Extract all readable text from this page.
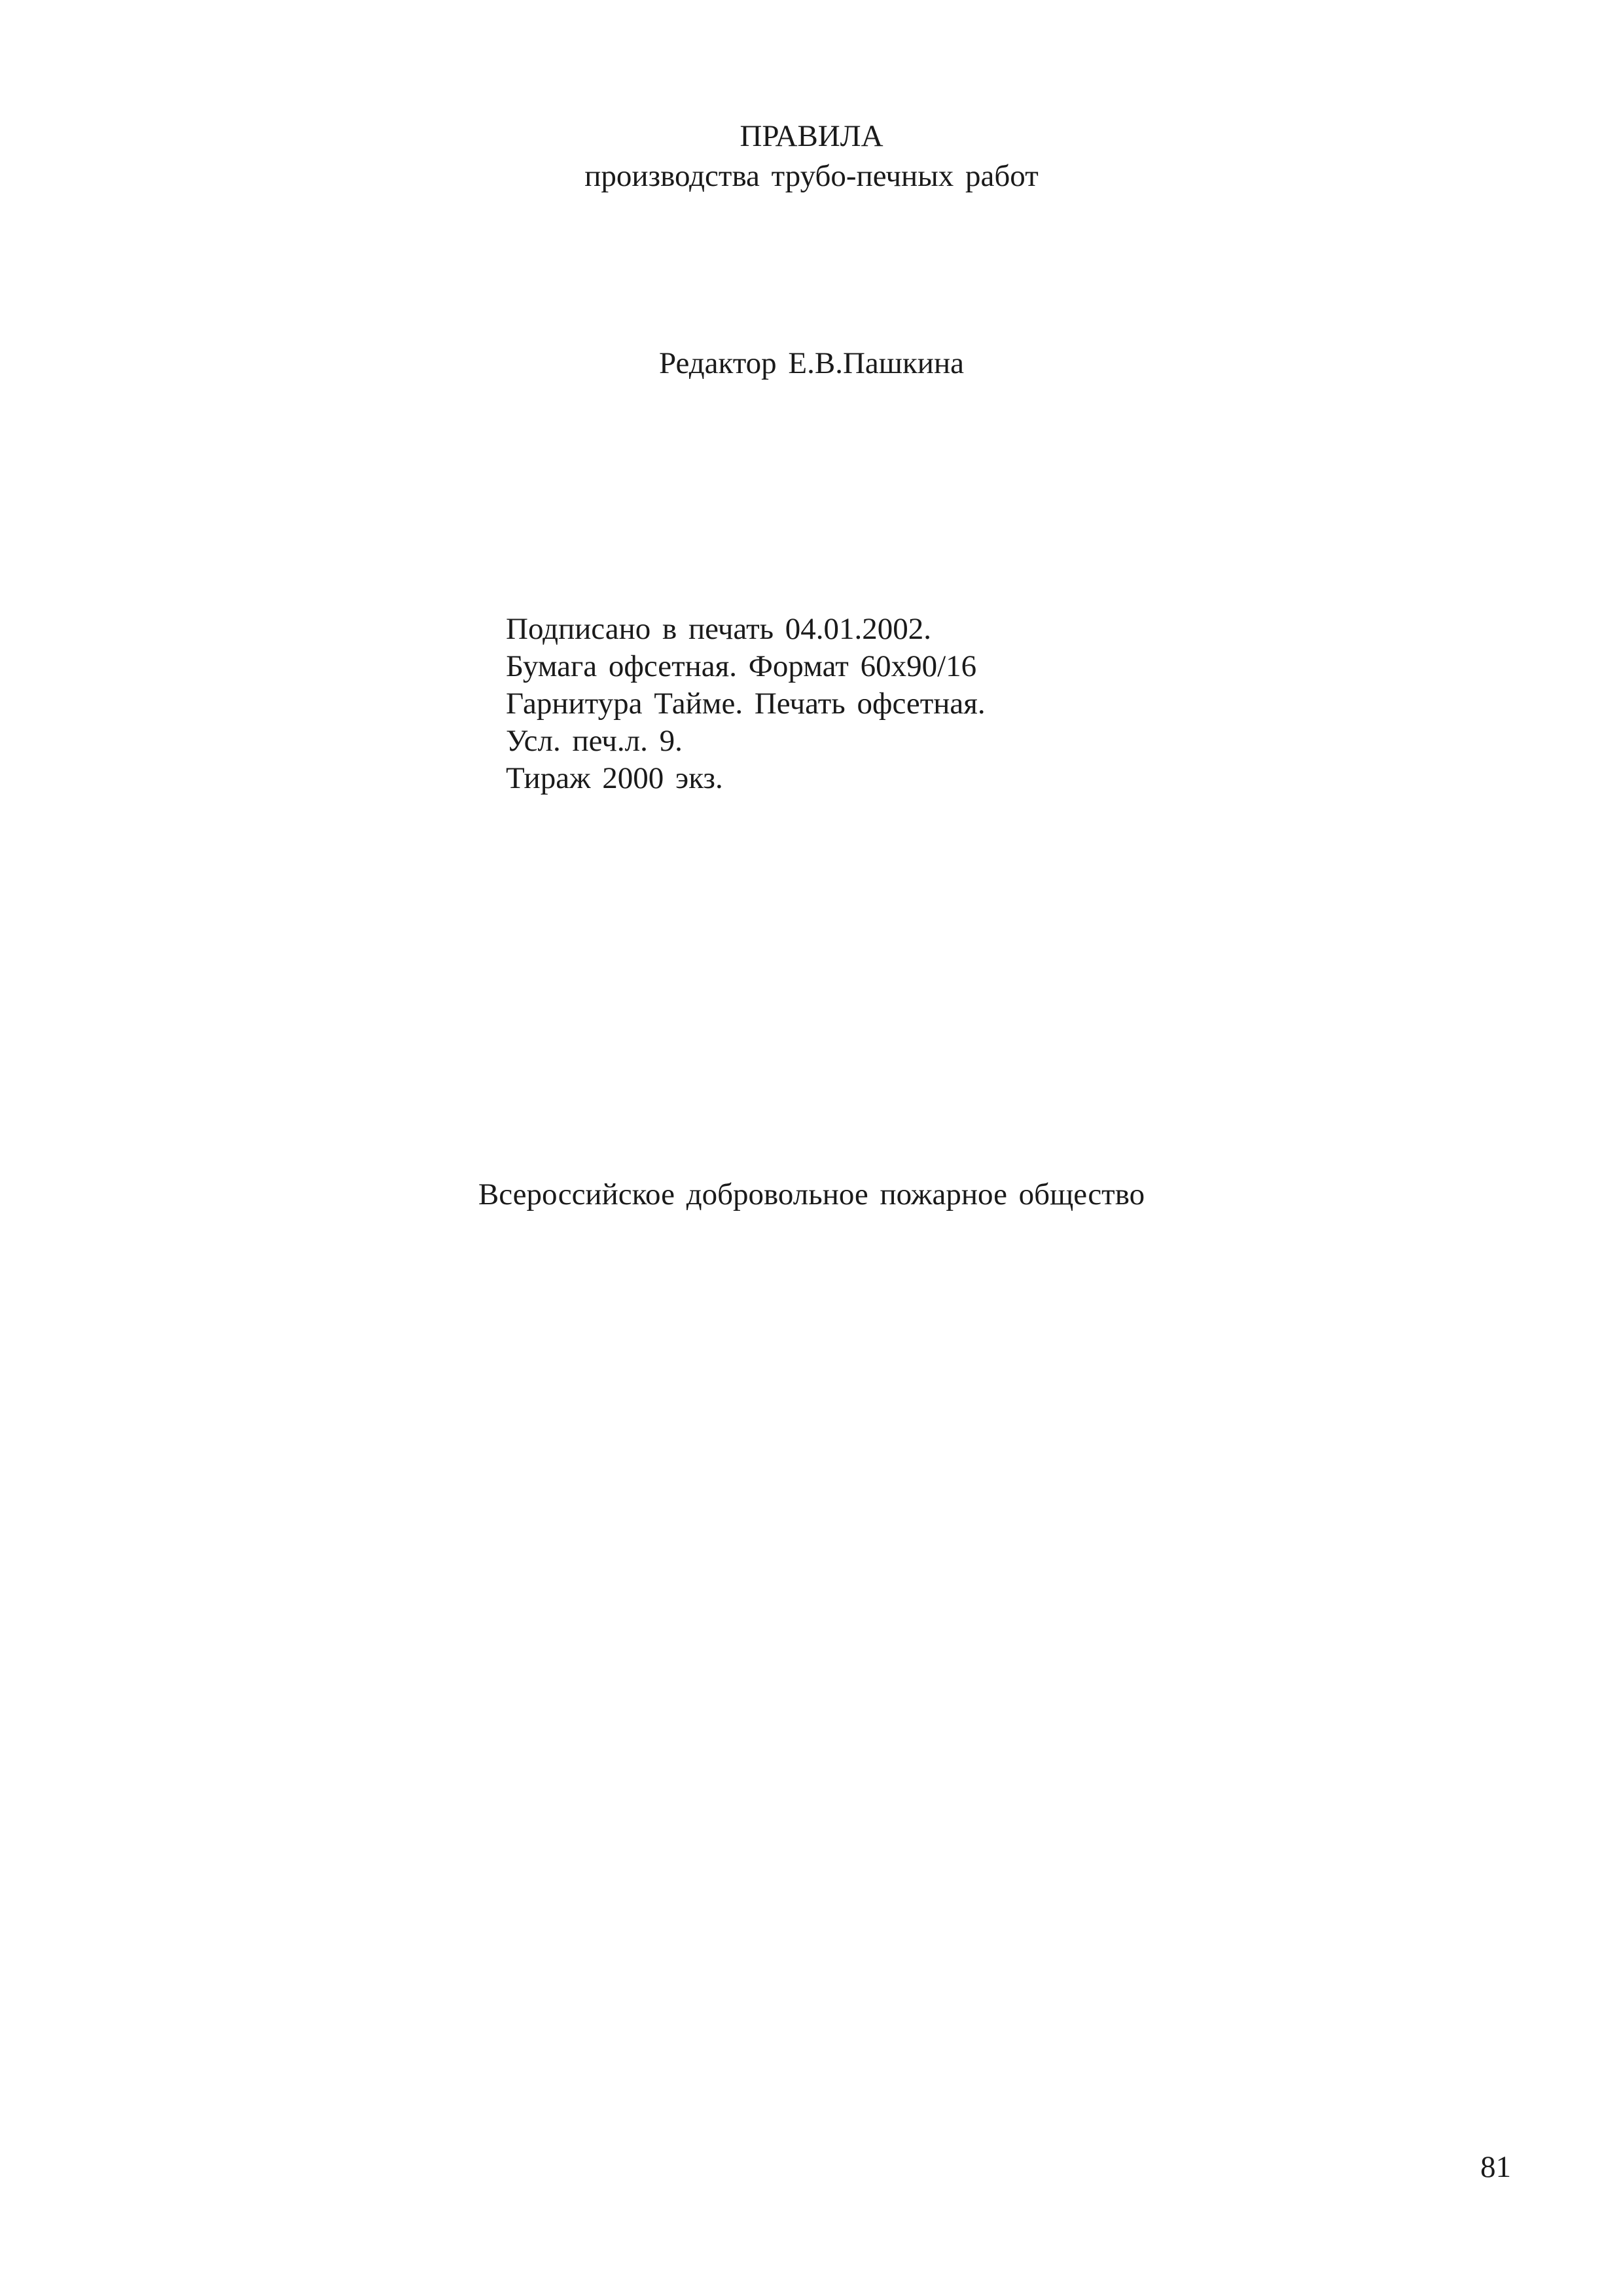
ПРАВИЛА
производства трубо-печных работ
Редактор Е.В.Пашкина
Подписано в печать 04.01.2002.
Бумага офсетная. Формат 60x90/16
Гарнитура Тайме. Печать офсетная.
Усл. печ.л. 9.
Тираж 2000 экз.
Всероссийское добровольное пожарное общество
81
